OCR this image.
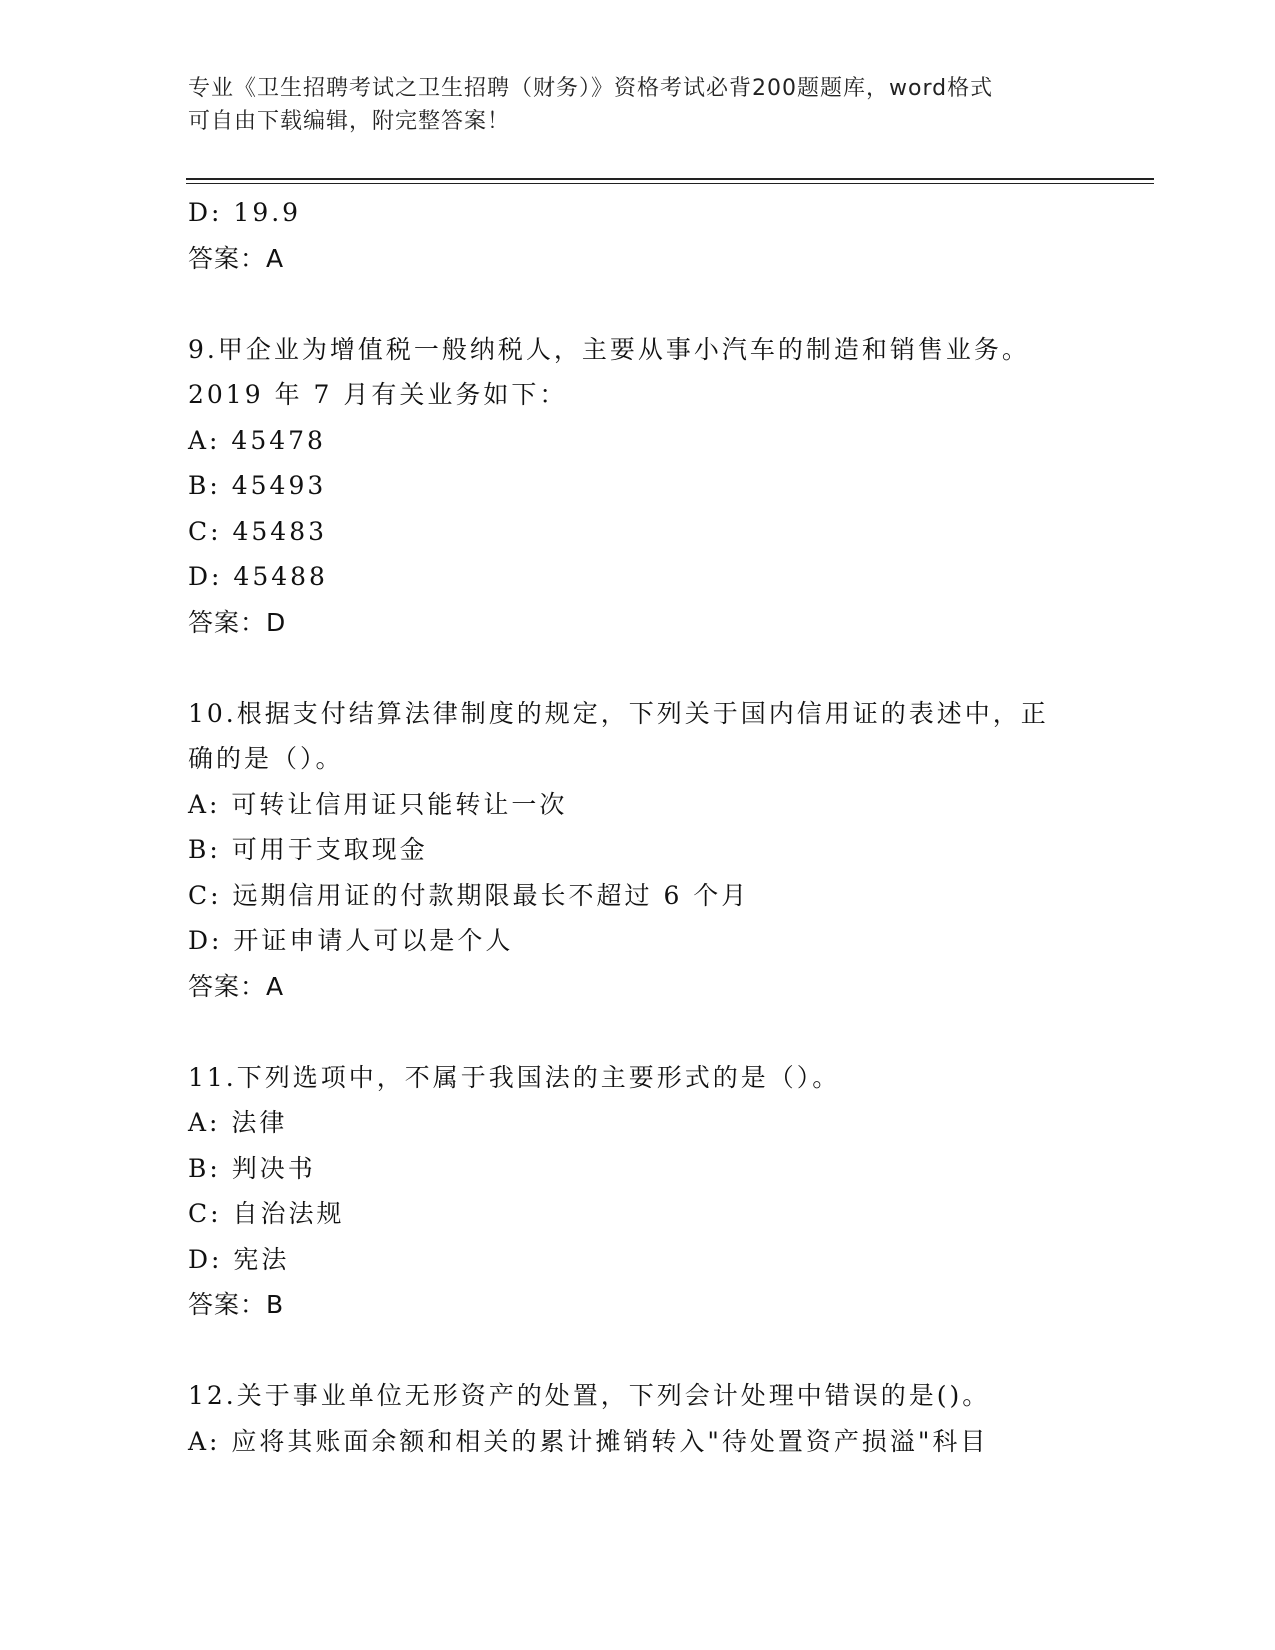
专业《卫生招聘考试之卫生招聘（财务）》资格考试必背200题题库，word格式
可自由下载编辑，附完整答案！
D: 19.9
答案：A
9.甲企业为增值税一般纳税人，主要从事小汽车的制造和销售业务。
2019 年 7 月有关业务如下：
A: 45478
B: 45493
C: 45483
D: 45488
答案：D
10.根据支付结算法律制度的规定，下列关于国内信用证的表述中，正
确的是（）。
A: 可转让信用证只能转让一次
B: 可用于支取现金
C: 远期信用证的付款期限最长不超过 6 个月
D: 开证申请人可以是个人
答案：A
11.下列选项中，不属于我国法的主要形式的是（）。
A: 法律
B: 判决书
C: 自治法规
D: 宪法
答案：B
12.关于事业单位无形资产的处置，下列会计处理中错误的是()。
A: 应将其账面余额和相关的累计摊销转入"待处置资产损溢"科目
